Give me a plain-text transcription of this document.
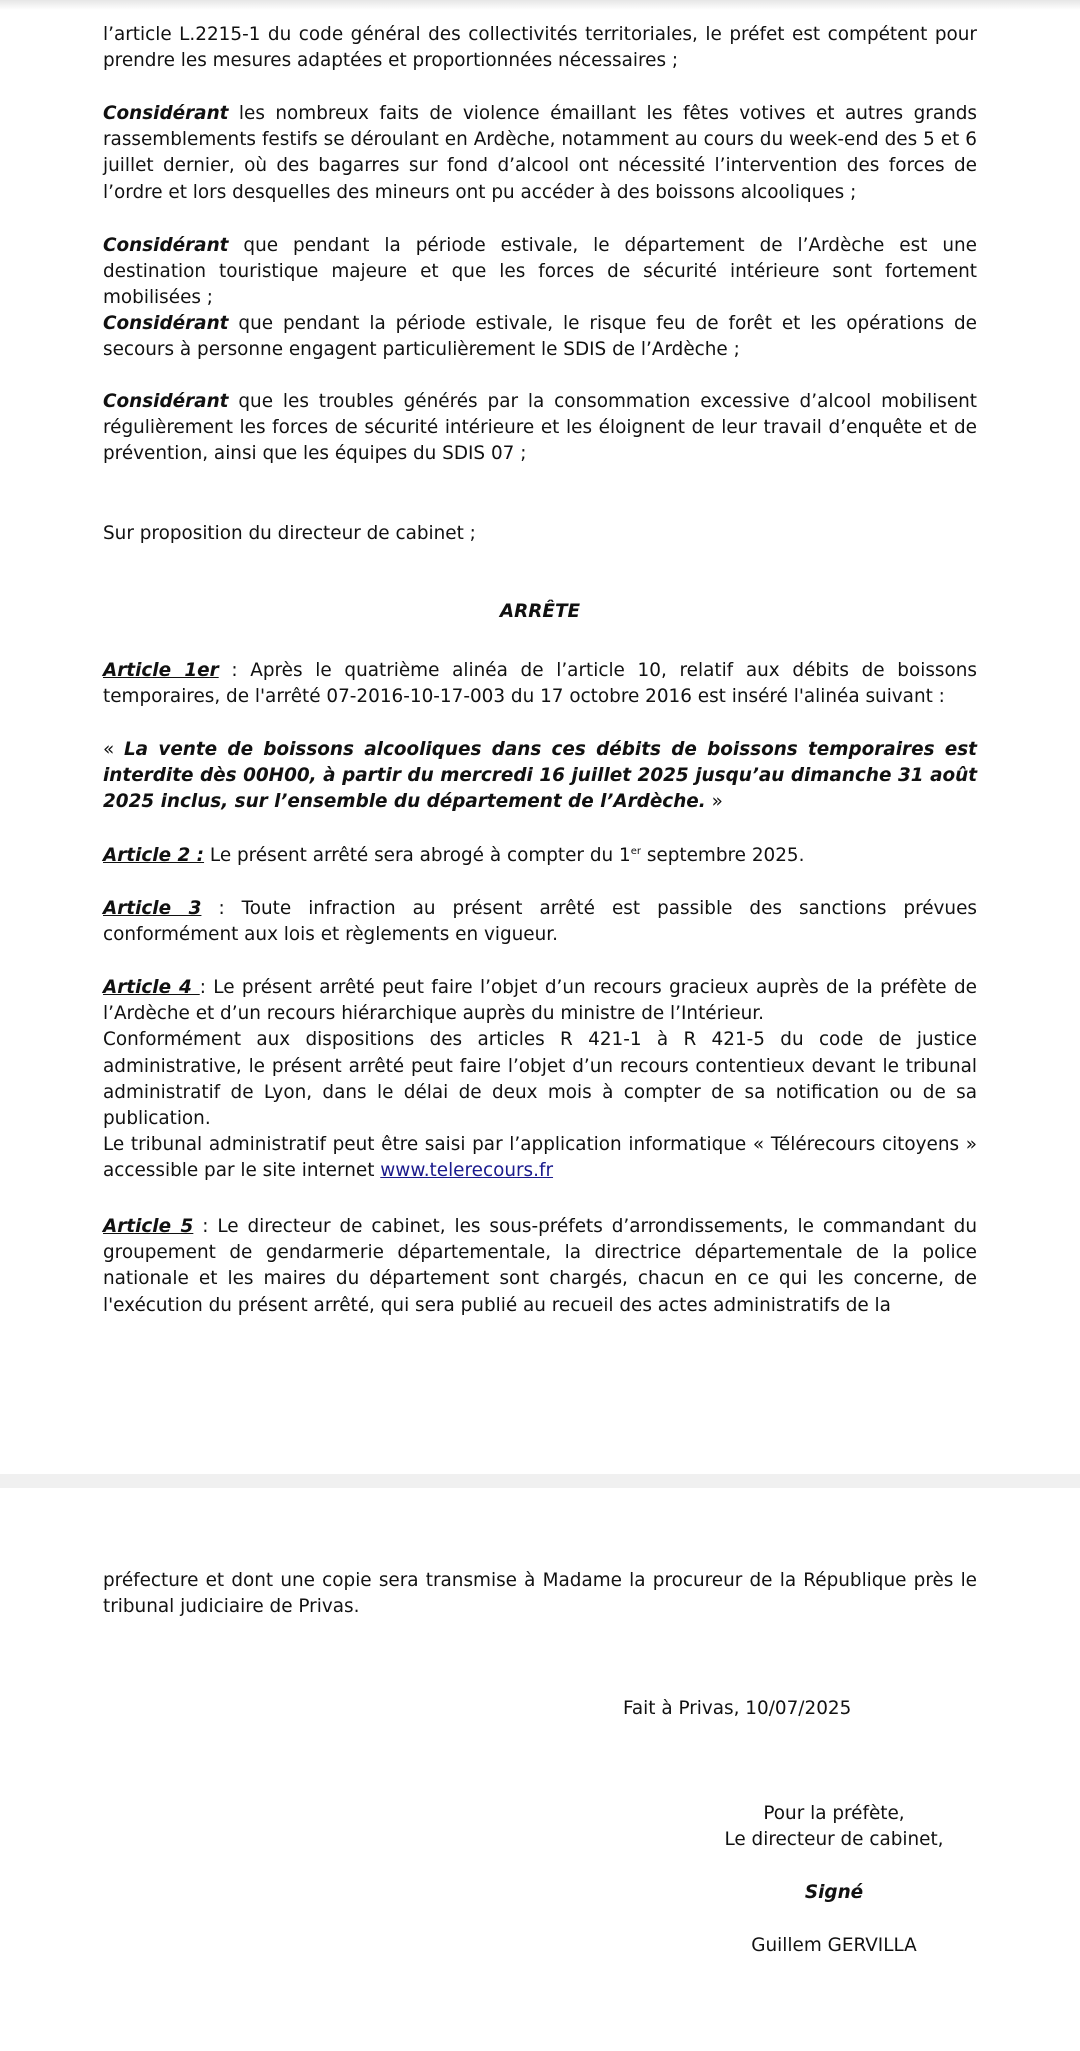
l’article L.2215-1 du code général des collectivités territoriales, le préfet est compétent pour prendre les mesures adaptées et proportionnées nécessaires ;
Considérant les nombreux faits de violence émaillant les fêtes votives et autres grands rassemblements festifs se déroulant en Ardèche, notamment au cours du week-end des 5 et 6 juillet dernier, où des bagarres sur fond d’alcool ont nécessité l’intervention des forces de l’ordre et lors desquelles des mineurs ont pu accéder à des boissons alcooliques ;
Considérant que pendant la période estivale, le département de l’Ardèche est une destination touristique majeure et que les forces de sécurité intérieure sont fortement mobilisées ;
Considérant que pendant la période estivale, le risque feu de forêt et les opérations de secours à personne engagent particulièrement le SDIS de l’Ardèche ;
Considérant que les troubles générés par la consommation excessive d’alcool mobilisent régulièrement les forces de sécurité intérieure et les éloignent de leur travail d’enquête et de prévention, ainsi que les équipes du SDIS 07 ;
Sur proposition du directeur de cabinet ;
ARRÊTE
Article 1er : Après le quatrième alinéa de l’article 10, relatif aux débits de boissons temporaires, de l'arrêté 07-2016-10-17-003 du 17 octobre 2016 est inséré l'alinéa suivant :
« La vente de boissons alcooliques dans ces débits de boissons temporaires est interdite dès 00H00, à partir du mercredi 16 juillet 2025 jusqu’au dimanche 31 août 2025 inclus, sur l’ensemble du département de l’Ardèche. »
Article 2 : Le présent arrêté sera abrogé à compter du 1er septembre 2025.
Article 3 : Toute infraction au présent arrêté est passible des sanctions prévues conformément aux lois et règlements en vigueur.
Article 4 : Le présent arrêté peut faire l’objet d’un recours gracieux auprès de la préfète de l’Ardèche et d’un recours hiérarchique auprès du ministre de l’Intérieur.
Conformément aux dispositions des articles R 421-1 à R 421-5 du code de justice administrative, le présent arrêté peut faire l’objet d’un recours contentieux devant le tribunal administratif de Lyon, dans le délai de deux mois à compter de sa notification ou de sa publication.
Le tribunal administratif peut être saisi par l’application informatique « Télérecours citoyens » accessible par le site internet www.telerecours.fr
Article 5 : Le directeur de cabinet, les sous-préfets d’arrondissements, le commandant du groupement de gendarmerie départementale, la directrice départementale de la police nationale et les maires du département sont chargés, chacun en ce qui les concerne, de l'exécution du présent arrêté, qui sera publié au recueil des actes administratifs de la
préfecture et dont une copie sera transmise à Madame la procureur de la République près le tribunal judiciaire de Privas.
Fait à Privas, 10/07/2025
Pour la préfète,
Le directeur de cabinet,
Signé
Guillem GERVILLA
